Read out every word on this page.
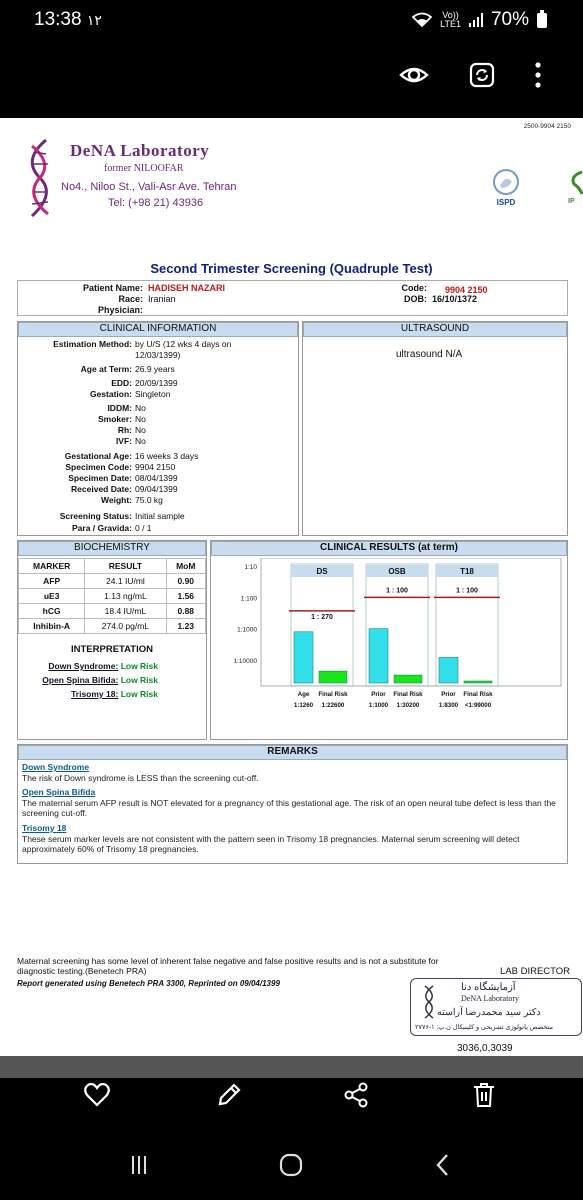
13:38 ۱۲	Vo))
LTE1 70%
2500-9904 2150
DeNA Laboratory
former NILOOFAR
No4., Niloo St., Vali-Asr Ave. Tehran
Tel: (+98 21) 43936	ISPD	IP
Second Trimester Screening (Quadruple Test)
Patient Name: HADISEH NAZARI
Race: Iranian
Physician:
Code: 9904 2150
DOB: 16/10/1372
CLINICAL INFORMATION
Estimation Method: by U/S (12 wks 4 days on
12/03/1399)
Age at Term: 26.9 years
EDD: 20/09/1399
Gestation: Singleton
IDDM: No
Smoker: No
Rh: No
IVF: No
Gestational Age: 16 weeks 3 days
Specimen Code: 9904 2150
Specimen Date: 08/04/1399
Received Date: 09/04/1399
Weight: 75.0 kg
Screening Status: Initial sample
Para / Gravida: 0 / 1
ULTRASOUND
ultrasound N/A
BIOCHEMISTRY
MARKER	RESULT	MoM
AFP	24.1 IU/ml	0.90
uE3	1.13 ng/mL	1.56
hCG	18.4 IU/mL	0.88
Inhibin-A	274.0 pg/mL	1.23
INTERPRETATION
Down Syndrome: Low Risk
Open Spina Bifida: Low Risk
Trisomy 18: Low Risk
CLINICAL RESULTS (at term)
1:10
1:100
1:1000
1:10000
DS
1 : 270
Age
1:1260
Final Risk
1:22600
OSB
1 : 100
Prior
1:1000
Final Risk
1:30200
T18
1 : 100
Prior
1:8300
Final Risk
<1:99000
REMARKS
Down Syndrome
The risk of Down syndrome is LESS than the screening cut-off.
Open Spina Bifida
The maternal serum AFP result is NOT elevated for a pregnancy of this gestational age. The risk of an open neural tube defect is less than the screening cut-off.
Trisomy 18
These serum marker levels are not consistent with the pattern seen in Trisomy 18 pregnancies. Maternal serum screening will detect approximately 60% of Trisomy 18 pregnancies.
Maternal screening has some level of inherent false negative and false positive results and is not a substitute for diagnostic testing.(Benetech PRA)
Report generated using Benetech PRA 3300, Reprinted on 09/04/1399
LAB DIRECTOR
آزمایشگاه دنا
DeNA Laboratory
دکتر سید محمدرضا آراسته
متخصص پاتولوژی تشریحی و کلینیکال ن.پ: ۱-۲۷۷۶
3036,0,3039
